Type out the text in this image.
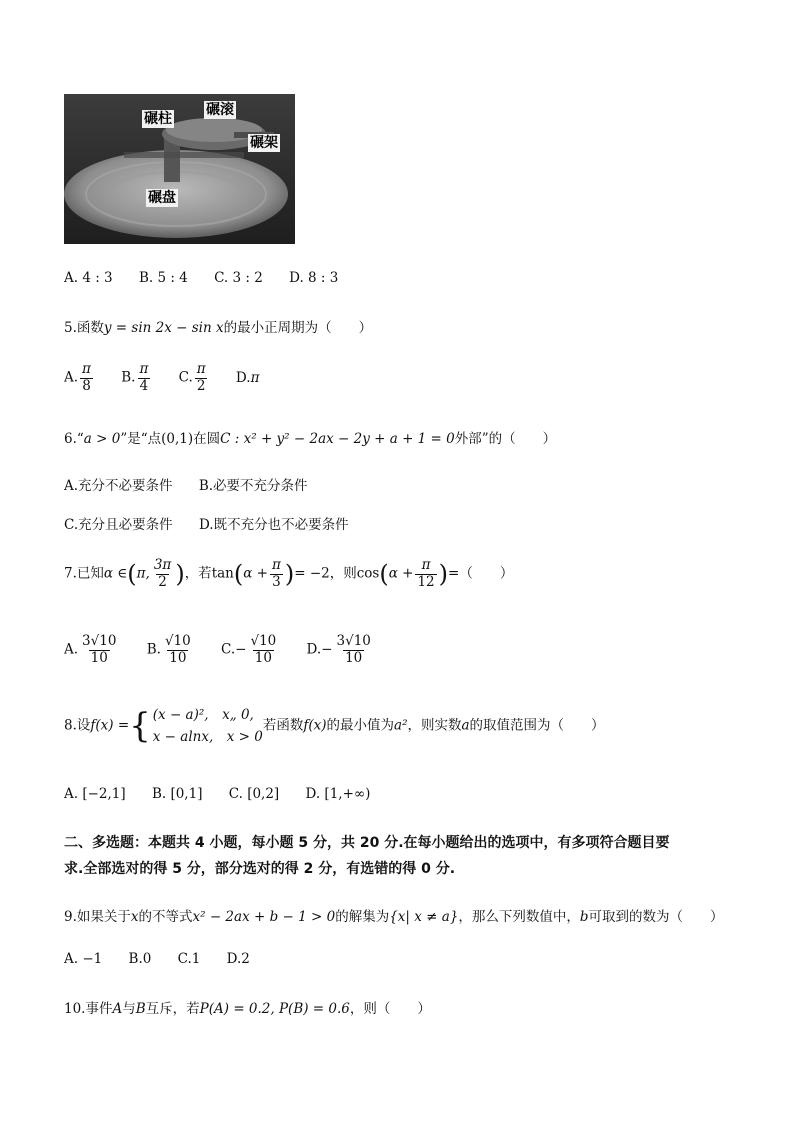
碾柱
碾滚
碾架
碾盘
A. 4 : 3 B. 5 : 4 C. 3 : 2 D. 8 : 3
5.函数y = sin 2x − sin x的最小正周期为（　　）
A. $\frac{\pi}{8} B$. $\frac{\pi}{4} C$. $\frac{\pi}{2} D.\pi$
6.“a > 0”是“点(0,1)在圆C : x² + y² − 2ax − 2y + a + 1 = 0外部”的（　　）
A.充分不必要条件 B.必要不充分条件
C.充分且必要条件 D.既不充分也不必要条件
7.已知α ∈(π, $\frac{3\pi}{2}$ )，若$\tan(\alpha + \frac{\pi}{3}$ )= −2，则$\cos(\alpha + \frac{\pi}{12}$ )=（　　）
A. $\frac{3√10}{10} B$. $\frac{√10}{10} C.- \frac{√10}{10} D.- \frac{3√10}{10}$
8.设f(x) = { (x − a)²,　x„ 0,
x − alnx,　x > 0
若函数f(x)的最小值为a²，则实数a的取值范围为（　　）
A. [−2,1] B. [0,1] C. [0,2] D. [1,+∞)
二、多选题：本题共 4 小题，每小题 5 分，共 20 分.在每小题给出的选项中，有多项符合题目要
求.全部选对的得 5 分，部分选对的得 2 分，有选错的得 0 分.
9.如果关于x的不等式x² − 2ax + b − 1 > 0的解集为{x| x ≠ a}，那么下列数值中，b可取到的数为（　　）
A. −1 B.0 C.1 D.2
10.事件A与B互斥，若P(A) = 0.2, P(B) = 0.6，则（　　）
